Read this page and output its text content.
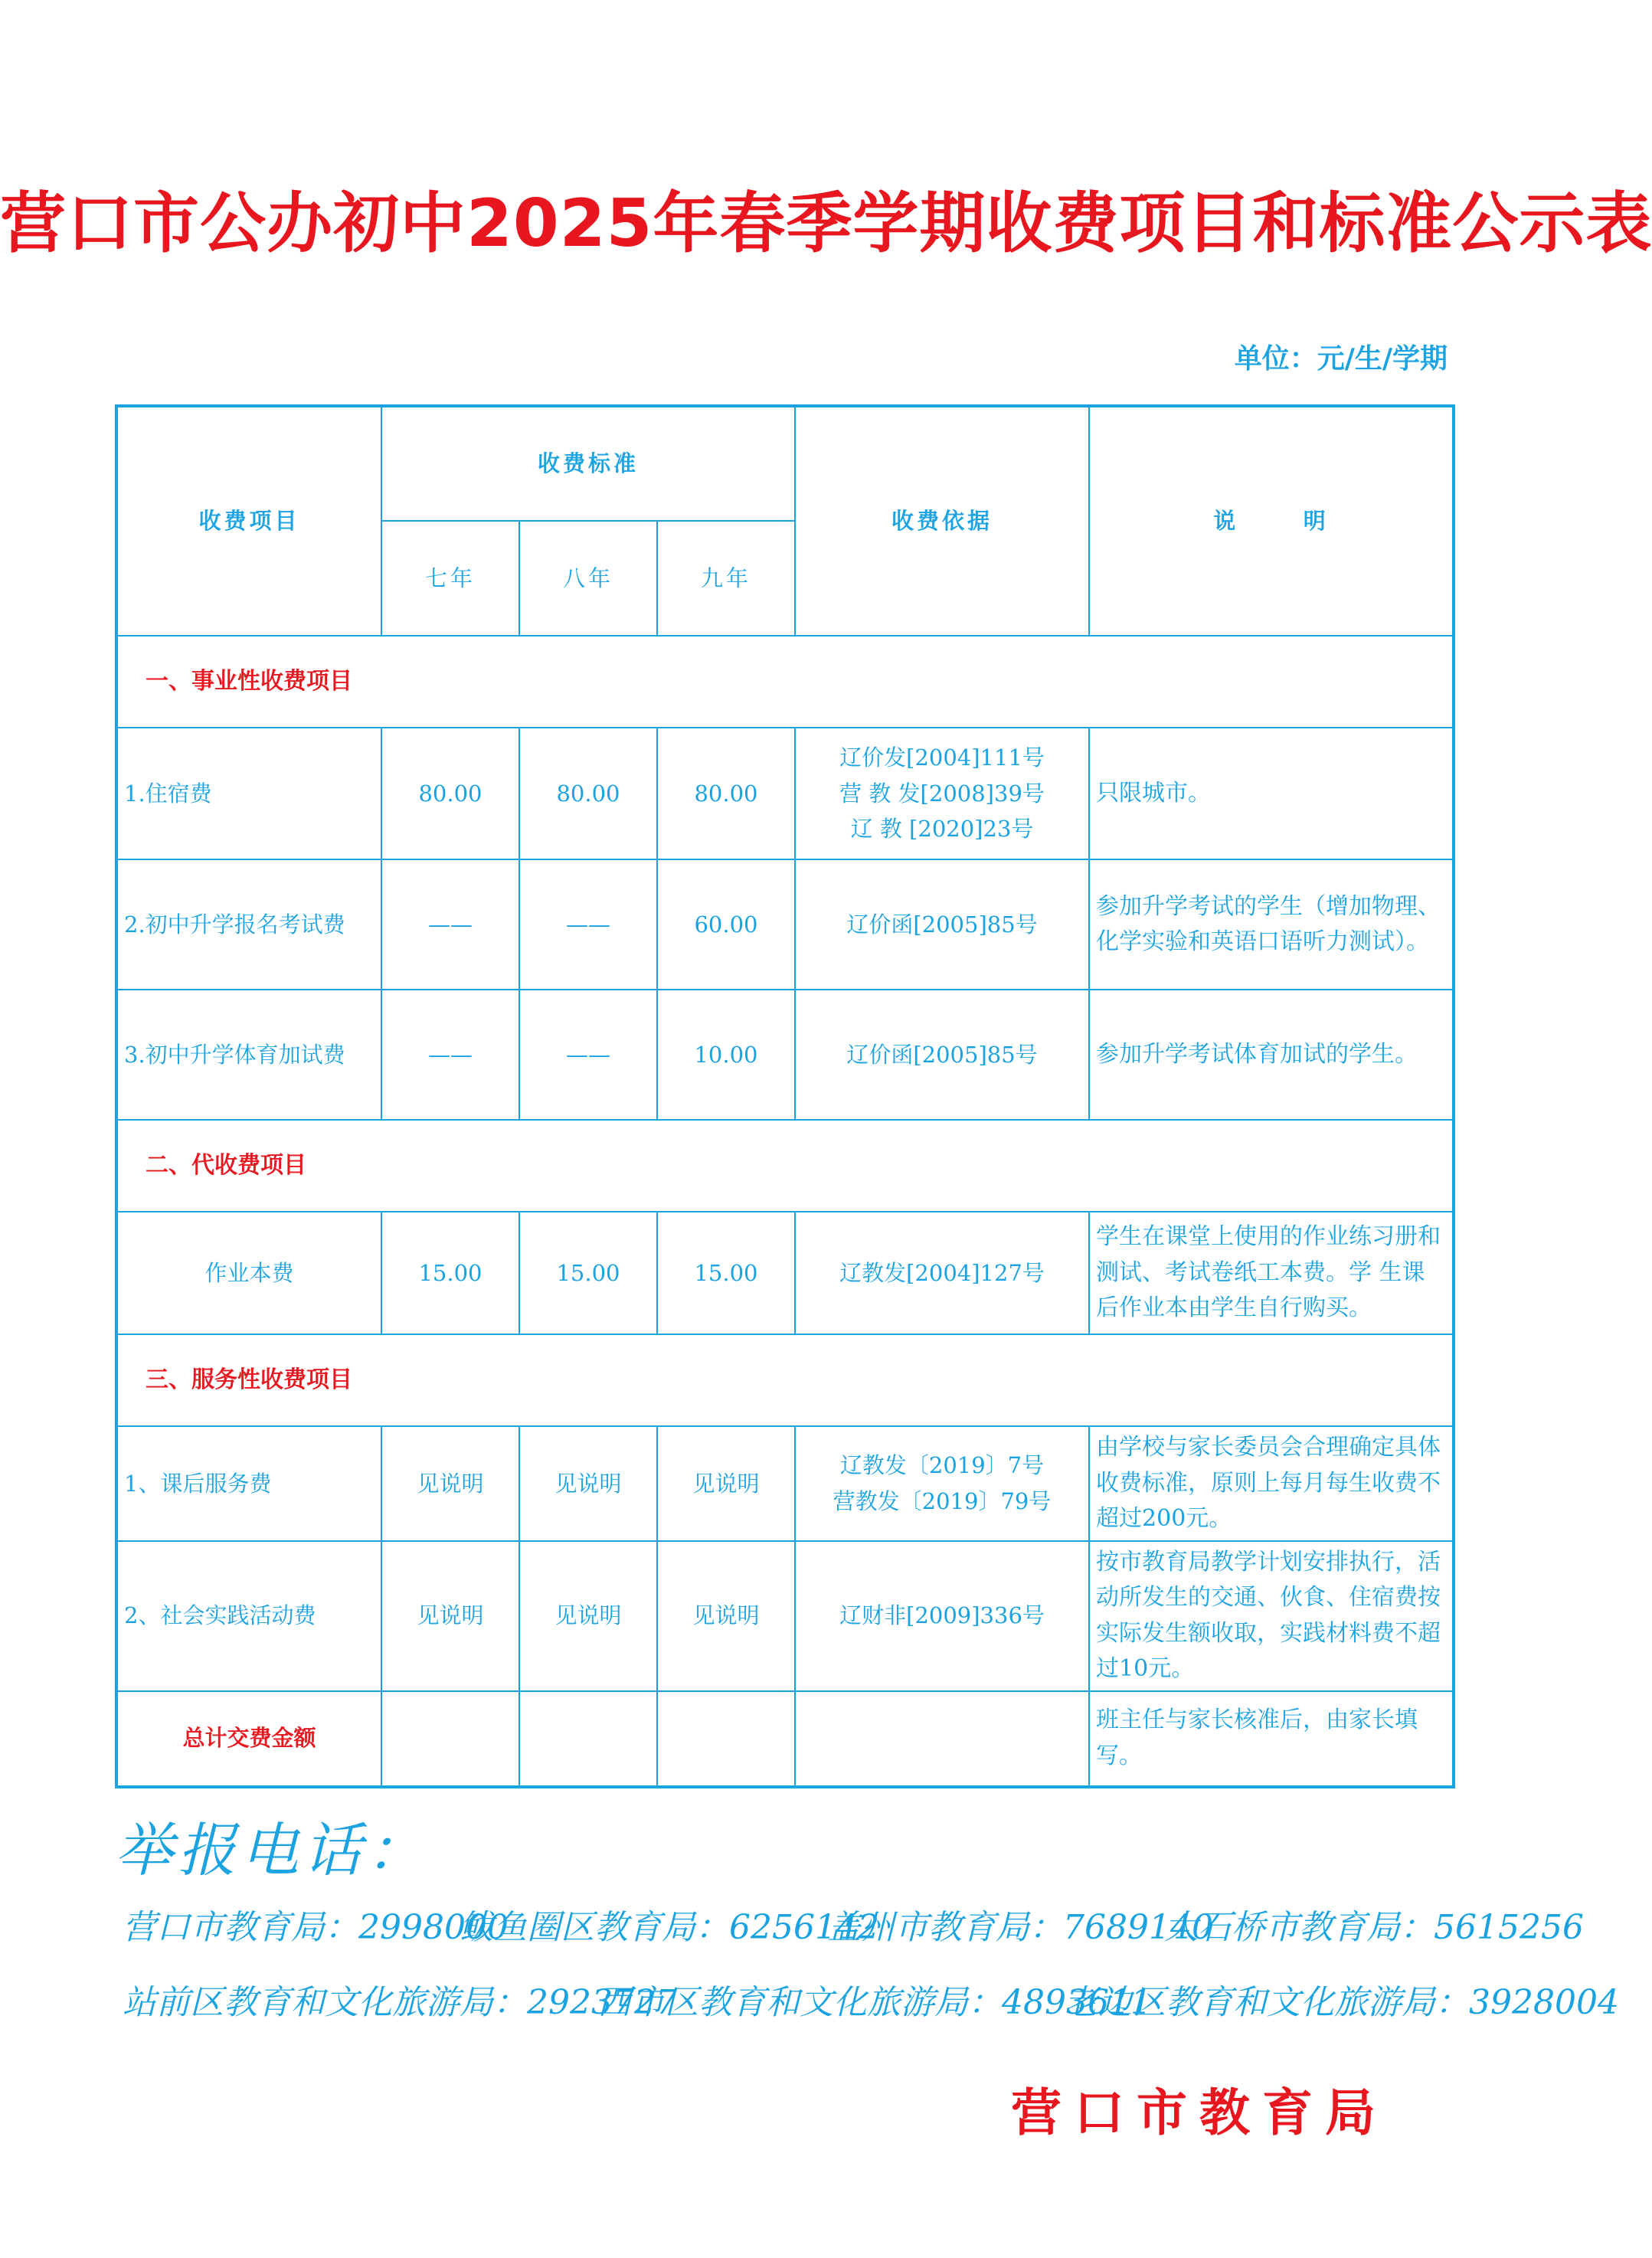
营口市公办初中2025年春季学期收费项目和标准公示表
单位：元/生/学期
收费项目	收费标准			收费依据	说      明
	七年	八年	九年		
一、事业性收费项目					
1.住宿费	80.00	80.00	80.00	辽价发[2004]111号
营 教 发[2008]39号
辽 教 [2020]23号	只限城市。
2.初中升学报名考试费	——	——	60.00	辽价函[2005]85号	参加升学考试的学生（增加物理、化学实验和英语口语听力测试）。
3.初中升学体育加试费	——	——	10.00	辽价函[2005]85号	参加升学考试体育加试的学生。
二、代收费项目					
作业本费	15.00	15.00	15.00	辽教发[2004]127号	学生在课堂上使用的作业练习册和测试、考试卷纸工本费。学 生课后作业本由学生自行购买。
三、服务性收费项目					
1、课后服务费	见说明	见说明	见说明	辽教发〔2019〕7号
营教发〔2019〕79号	由学校与家长委员会合理确定具体收费标准，原则上每月每生收费不超过200元。
2、社会实践活动费	见说明	见说明	见说明	辽财非[2009]336号	按市教育局教学计划安排执行，活动所发生的交通、伙食、住宿费按实际发生额收取，实践材料费不超过10元。
总计交费金额					班主任与家长核准后，由家长填写。
举报电话：
营口市教育局：2998000
鲅鱼圈区教育局：6256142
盖州市教育局：7689140
大石桥市教育局：5615256
站前区教育和文化旅游局：2923727
西市区教育和文化旅游局：4893611
老边区教育和文化旅游局：3928004
营口市教育局
